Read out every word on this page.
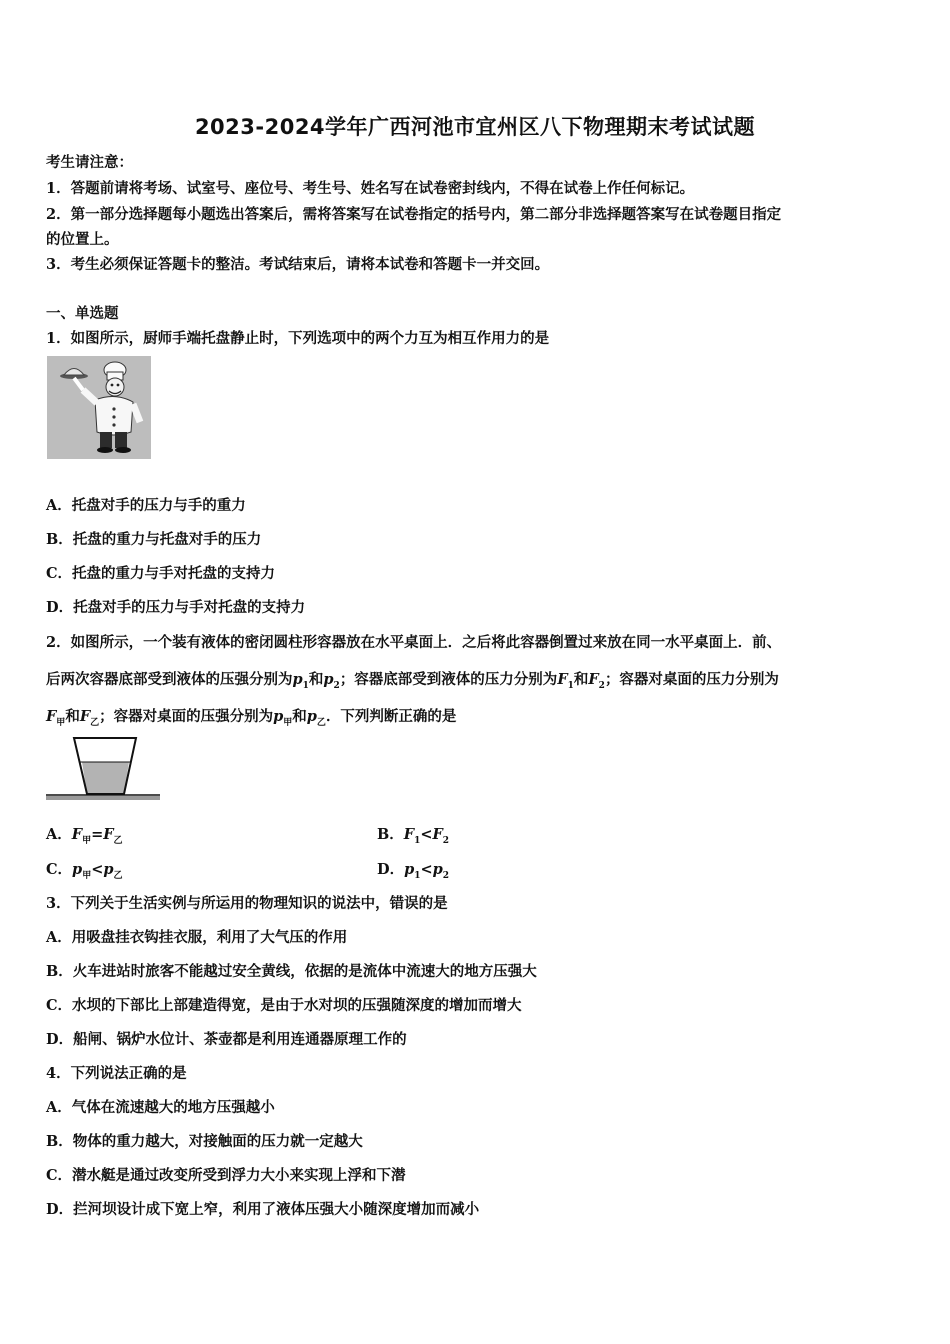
2023-2024学年广西河池市宜州区八下物理期末考试试题
考生请注意：
1．答题前请将考场、试室号、座位号、考生号、姓名写在试卷密封线内，不得在试卷上作任何标记。
2．第一部分选择题每小题选出答案后，需将答案写在试卷指定的括号内，第二部分非选择题答案写在试卷题目指定
的位置上。
3．考生必须保证答题卡的整洁。考试结束后，请将本试卷和答题卡一并交回。
一、单选题
1．如图所示，厨师手端托盘静止时，下列选项中的两个力互为相互作用力的是
A．托盘对手的压力与手的重力
B．托盘的重力与托盘对手的压力
C．托盘的重力与手对托盘的支持力
D．托盘对手的压力与手对托盘的支持力
2．如图所示，一个装有液体的密闭圆柱形容器放在水平桌面上．之后将此容器倒置过来放在同一水平桌面上．前、
后两次容器底部受到液体的压强分别为$p_1$和$p_2$；容器底部受到液体的压力分别为$F_1$和$F_2$；容器对桌面的压力分别为
$F_甲$和$F_乙$；容器对桌面的压强分别为$p_甲$和$p_乙$．下列判断正确的是
A．$F_甲=F_乙$	B．$F_1<F_2$
C．$p_甲<p_乙$	D．$p_1<p_2$
3．下列关于生活实例与所运用的物理知识的说法中，错误的是
A．用吸盘挂衣钩挂衣服，利用了大气压的作用
B．火车进站时旅客不能越过安全黄线，依据的是流体中流速大的地方压强大
C．水坝的下部比上部建造得宽，是由于水对坝的压强随深度的增加而增大
D．船闸、锅炉水位计、茶壶都是利用连通器原理工作的
4．下列说法正确的是
A．气体在流速越大的地方压强越小
B．物体的重力越大，对接触面的压力就一定越大
C．潜水艇是通过改变所受到浮力大小来实现上浮和下潜
D．拦河坝设计成下宽上窄，利用了液体压强大小随深度增加而减小
